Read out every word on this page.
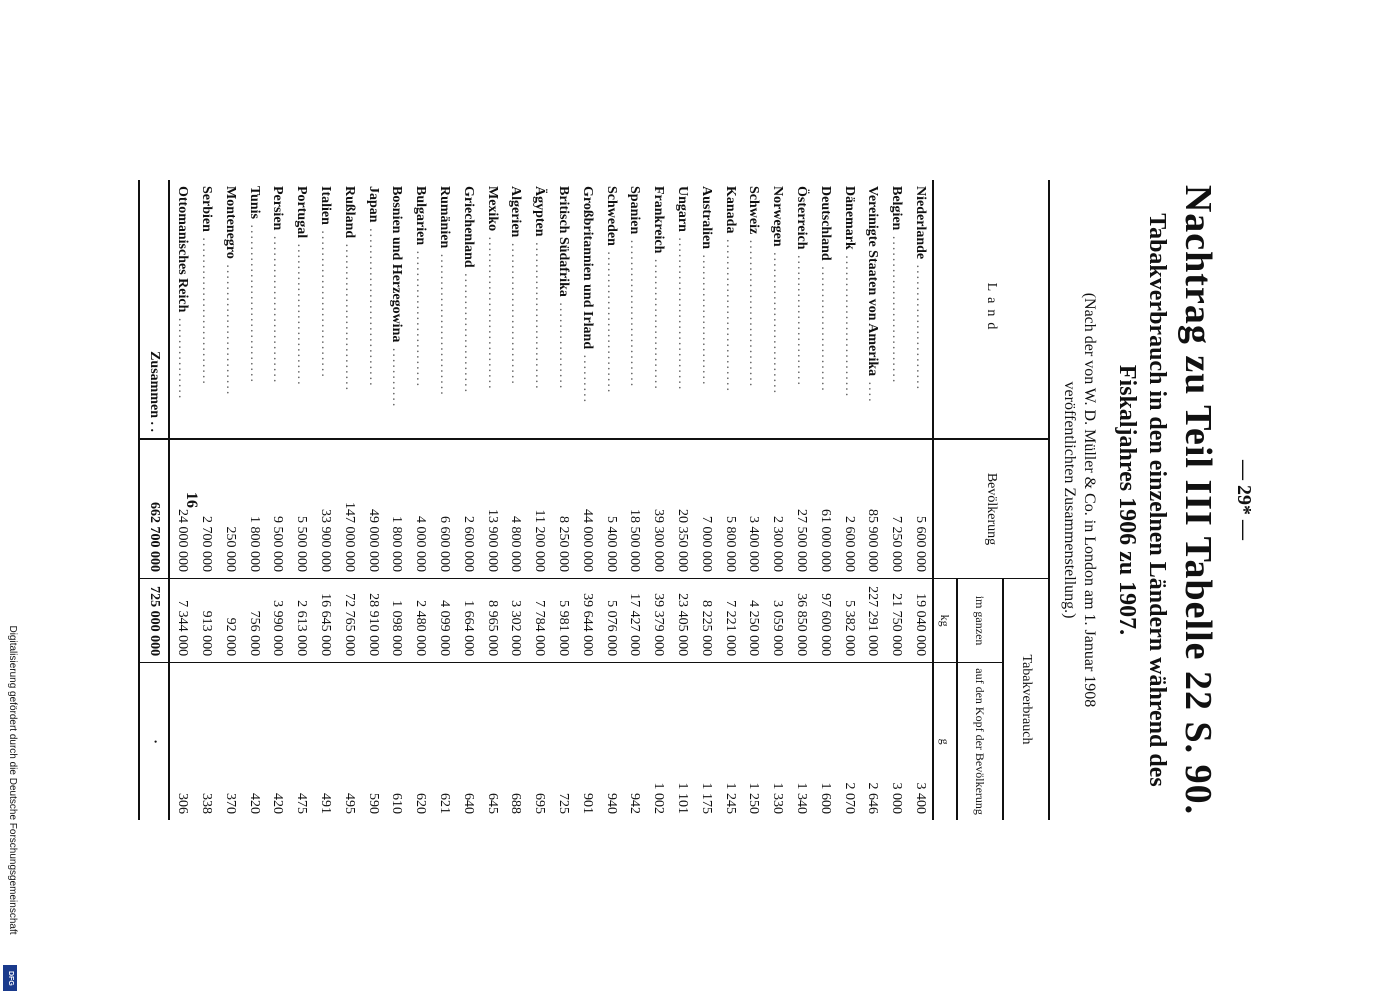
Digitalisierung gefördert durch die Deutsche Forschungsgemeinschaft
DFG
— 29* —
Nachtrag zu Teil III Tabelle 22 S. 90.
Tabakverbrauch in den einzelnen Ländern während des
Fiskaljahres 1906 zu 1907.
(Nach der von W. D. Müller & Co. in London am 1. Januar 1908
veröffentlichten Zusammenstellung.)
Land	Bevölkerung	Tabakverbrauch	
		im ganzen	auf den Kopf der Bevölkerung
		kg	g
Niederlande .......................	5 600 000	19 040 000	3 400
Belgien ...........................	7 250 000	21 750 000	3 000
Vereinigte Staaten von Amerika ....	85 900 000	227 291 000	2 646
Dänemark ..........................	2 600 000	5 382 000	2 070
Deutschland .......................	61 000 000	97 600 000	1 600
Österreich ........................	27 500 000	36 850 000	1 340
Norwegen ..........................	2 300 000	3 059 000	1 330
Schweiz ...........................	3 400 000	4 250 000	1 250
Kanada ............................	5 800 000	7 221 000	1 245
Australien ........................	7 000 000	8 225 000	1 175
Ungarn ............................	20 350 000	23 405 000	1 101
Frankreich ........................	39 300 000	39 379 000	1 002
Spanien ...........................	18 500 000	17 427 000	942
Schweden ..........................	5 400 000	5 076 000	940
Großbritannien und Irland .........	44 000 000	39 644 000	901
Britisch Südafrika ................	8 250 000	5 981 000	725
Ägypten ...........................	11 200 000	7 784 000	695
Algerien ..........................	4 800 000	3 302 000	688
Mexiko ............................	13 900 000	8 965 000	645
Griechenland ......................	2 600 000	1 664 000	640
Rumänien ..........................	6 600 000	4 099 000	621
Bulgarien .........................	4 000 000	2 480 000	620
Bosnien und Herzegowina ...........	1 800 000	1 098 000	610
Japan .............................	49 000 000	28 910 000	590
Rußland ...........................	147 000 000	72 765 000	495
Italien ...........................	33 900 000	16 645 000	491
Portugal ..........................	5 500 000	2 613 000	475
Persien ...........................	9 500 000	3 990 000	420
Tunis .............................	1 800 000	756 000	420
Montenegro ........................	250 000	92 000	370
Serbien ...........................	2 700 000	913 000	338
Ottomanisches Reich ...............	24 000 000	7 344 000	306
Zusammen . .	662 700 000	725 000 000	·
16
